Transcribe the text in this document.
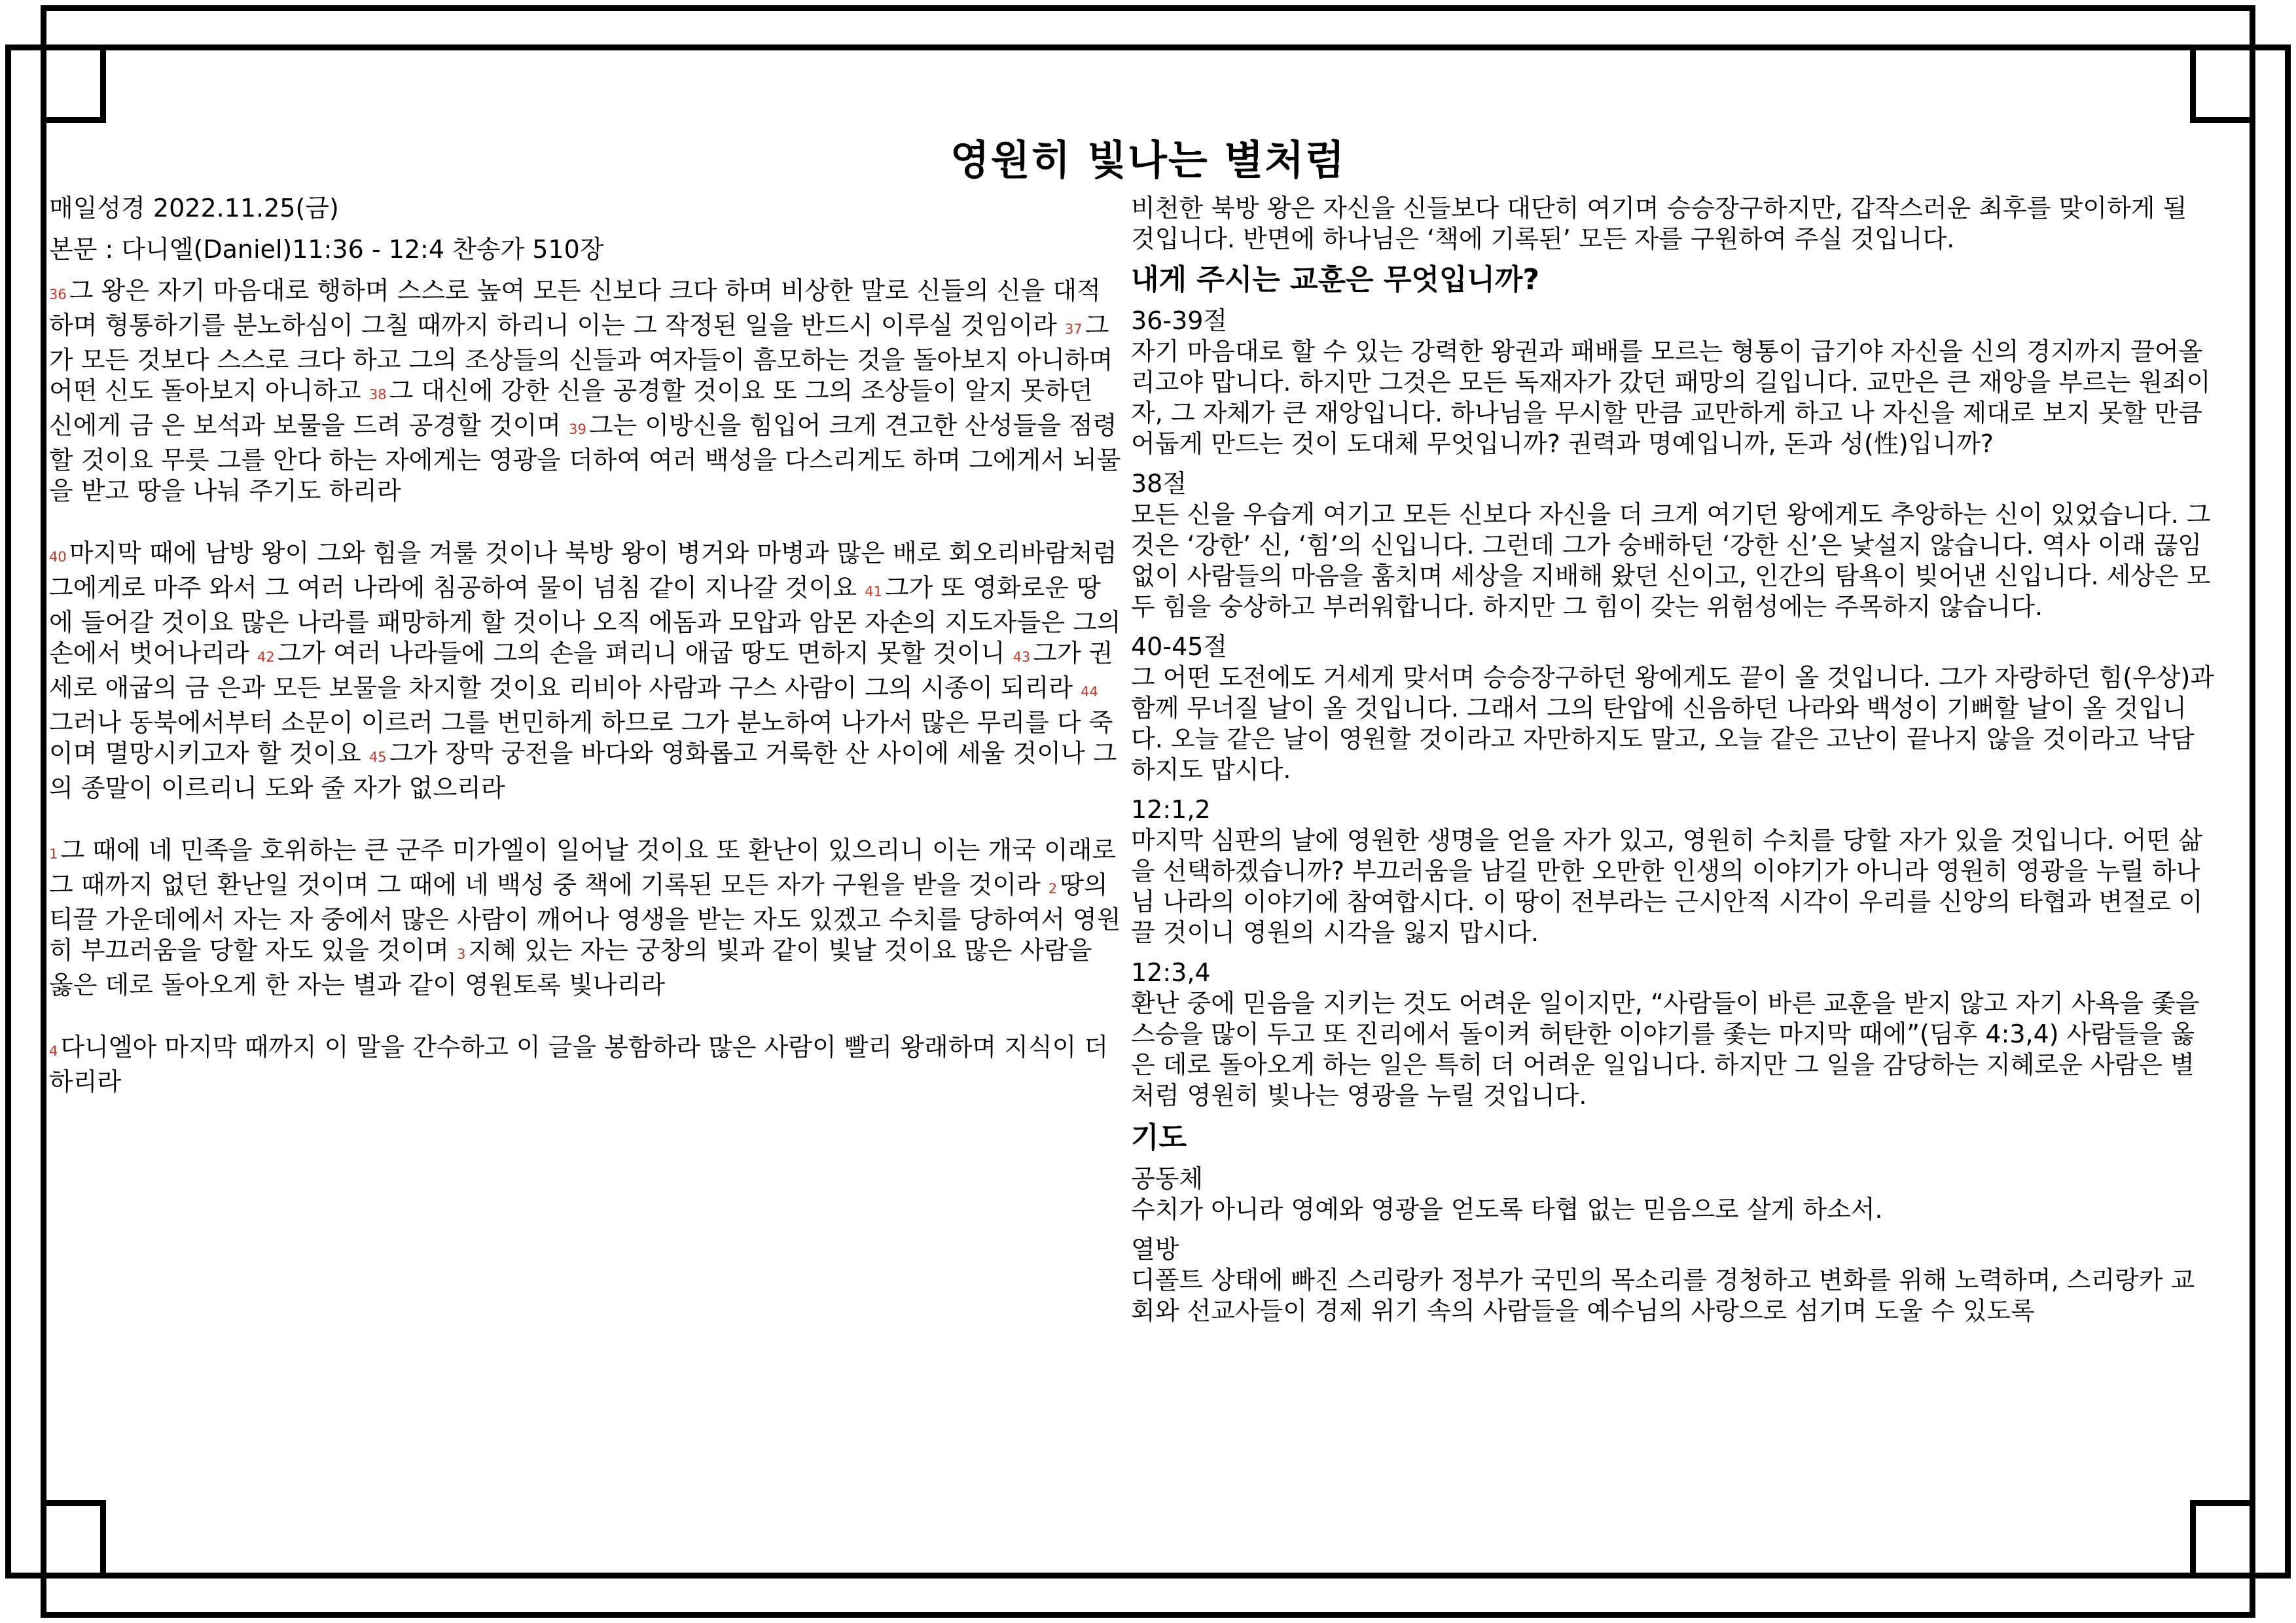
영원히 빛나는 별처럼

매일성경 2022.11.25(금)

본문 : 다니엘(Daniel)11:36 - 12:4 찬송가 510장

36 그 왕은 자기 마음대로 행하며 스스로 높여 모든 신보다 크다 하며 비상한 말로 신들의 신을 대적하며 형통하기를 분노하심이 그칠 때까지 하리니 이는 그 작정된 일을 반드시 이루실 것임이라 37 그가 모든 것보다 스스로 크다 하고 그의 조상들의 신들과 여자들이 흠모하는 것을 돌아보지 아니하며 어떤 신도 돌아보지 아니하고 38 그 대신에 강한 신을 공경할 것이요 또 그의 조상들이 알지 못하던 신에게 금 은 보석과 보물을 드려 공경할 것이며 39 그는 이방신을 힘입어 크게 견고한 산성들을 점령할 것이요 무릇 그를 안다 하는 자에게는 영광을 더하여 여러 백성을 다스리게도 하며 그에게서 뇌물을 받고 땅을 나눠 주기도 하리라

40 마지막 때에 남방 왕이 그와 힘을 겨룰 것이나 북방 왕이 병거와 마병과 많은 배로 회오리바람처럼 그에게로 마주 와서 그 여러 나라에 침공하여 물이 넘침 같이 지나갈 것이요 41 그가 또 영화로운 땅에 들어갈 것이요 많은 나라를 패망하게 할 것이나 오직 에돔과 모압과 암몬 자손의 지도자들은 그의 손에서 벗어나리라 42 그가 여러 나라들에 그의 손을 펴리니 애굽 땅도 면하지 못할 것이니 43 그가 권세로 애굽의 금 은과 모든 보물을 차지할 것이요 리비아 사람과 구스 사람이 그의 시종이 되리라 44그러나 동북에서부터 소문이 이르러 그를 번민하게 하므로 그가 분노하여 나가서 많은 무리를 다 죽이며 멸망시키고자 할 것이요 45 그가 장막 궁전을 바다와 영화롭고 거룩한 산 사이에 세울 것이나 그의 종말이 이르리니 도와 줄 자가 없으리라

1 그 때에 네 민족을 호위하는 큰 군주 미가엘이 일어날 것이요 또 환난이 있으리니 이는 개국 이래로 그 때까지 없던 환난일 것이며 그 때에 네 백성 중 책에 기록된 모든 자가 구원을 받을 것이라 2 땅의 티끌 가운데에서 자는 자 중에서 많은 사람이 깨어나 영생을 받는 자도 있겠고 수치를 당하여서 영원히 부끄러움을 당할 자도 있을 것이며 3 지혜 있는 자는 궁창의 빛과 같이 빛날 것이요 많은 사람을 옳은 데로 돌아오게 한 자는 별과 같이 영원토록 빛나리라

4 다니엘아 마지막 때까지 이 말을 간수하고 이 글을 봉함하라 많은 사람이 빨리 왕래하며 지식이 더하리라

비천한 북방 왕은 자신을 신들보다 대단히 여기며 승승장구하지만, 갑작스러운 최후를 맞이하게 될 것입니다. 반면에 하나님은 ‘책에 기록된’ 모든 자를 구원하여 주실 것입니다.

내게 주시는 교훈은 무엇입니까?
36-39절
자기 마음대로 할 수 있는 강력한 왕권과 패배를 모르는 형통이 급기야 자신을 신의 경지까지 끌어올리고야 맙니다. 하지만 그것은 모든 독재자가 갔던 패망의 길입니다. 교만은 큰 재앙을 부르는 원죄이자, 그 자체가 큰 재앙입니다. 하나님을 무시할 만큼 교만하게 하고 나 자신을 제대로 보지 못할 만큼 어둡게 만드는 것이 도대체 무엇입니까? 권력과 명예입니까, 돈과 성(性)입니까?
38절
모든 신을 우습게 여기고 모든 신보다 자신을 더 크게 여기던 왕에게도 추앙하는 신이 있었습니다. 그것은 ‘강한’ 신, ‘힘’의 신입니다. 그런데 그가 숭배하던 ‘강한 신’은 낯설지 않습니다. 역사 이래 끊임없이 사람들의 마음을 훔치며 세상을 지배해 왔던 신이고, 인간의 탐욕이 빚어낸 신입니다. 세상은 모두 힘을 숭상하고 부러워합니다. 하지만 그 힘이 갖는 위험성에는 주목하지 않습니다.
40-45절
그 어떤 도전에도 거세게 맞서며 승승장구하던 왕에게도 끝이 올 것입니다. 그가 자랑하던 힘(우상)과 함께 무너질 날이 올 것입니다. 그래서 그의 탄압에 신음하던 나라와 백성이 기뻐할 날이 올 것입니다. 오늘 같은 날이 영원할 것이라고 자만하지도 말고, 오늘 같은 고난이 끝나지 않을 것이라고 낙담하지도 맙시다.
12:1,2
마지막 심판의 날에 영원한 생명을 얻을 자가 있고, 영원히 수치를 당할 자가 있을 것입니다. 어떤 삶을 선택하겠습니까? 부끄러움을 남길 만한 오만한 인생의 이야기가 아니라 영원히 영광을 누릴 하나님 나라의 이야기에 참여합시다. 이 땅이 전부라는 근시안적 시각이 우리를 신앙의 타협과 변절로 이끌 것이니 영원의 시각을 잃지 맙시다.
12:3,4
환난 중에 믿음을 지키는 것도 어려운 일이지만, “사람들이 바른 교훈을 받지 않고 자기 사욕을 좇을 스승을 많이 두고 또 진리에서 돌이켜 허탄한 이야기를 좇는 마지막 때에”(딤후 4:3,4) 사람들을 옳은 데로 돌아오게 하는 일은 특히 더 어려운 일입니다. 하지만 그 일을 감당하는 지혜로운 사람은 별처럼 영원히 빛나는 영광을 누릴 것입니다.
기도
공동체
수치가 아니라 영예와 영광을 얻도록 타협 없는 믿음으로 살게 하소서.
열방
디폴트 상태에 빠진 스리랑카 정부가 국민의 목소리를 경청하고 변화를 위해 노력하며, 스리랑카 교회와 선교사들이 경제 위기 속의 사람들을 예수님의 사랑으로 섬기며 도울 수 있도록
